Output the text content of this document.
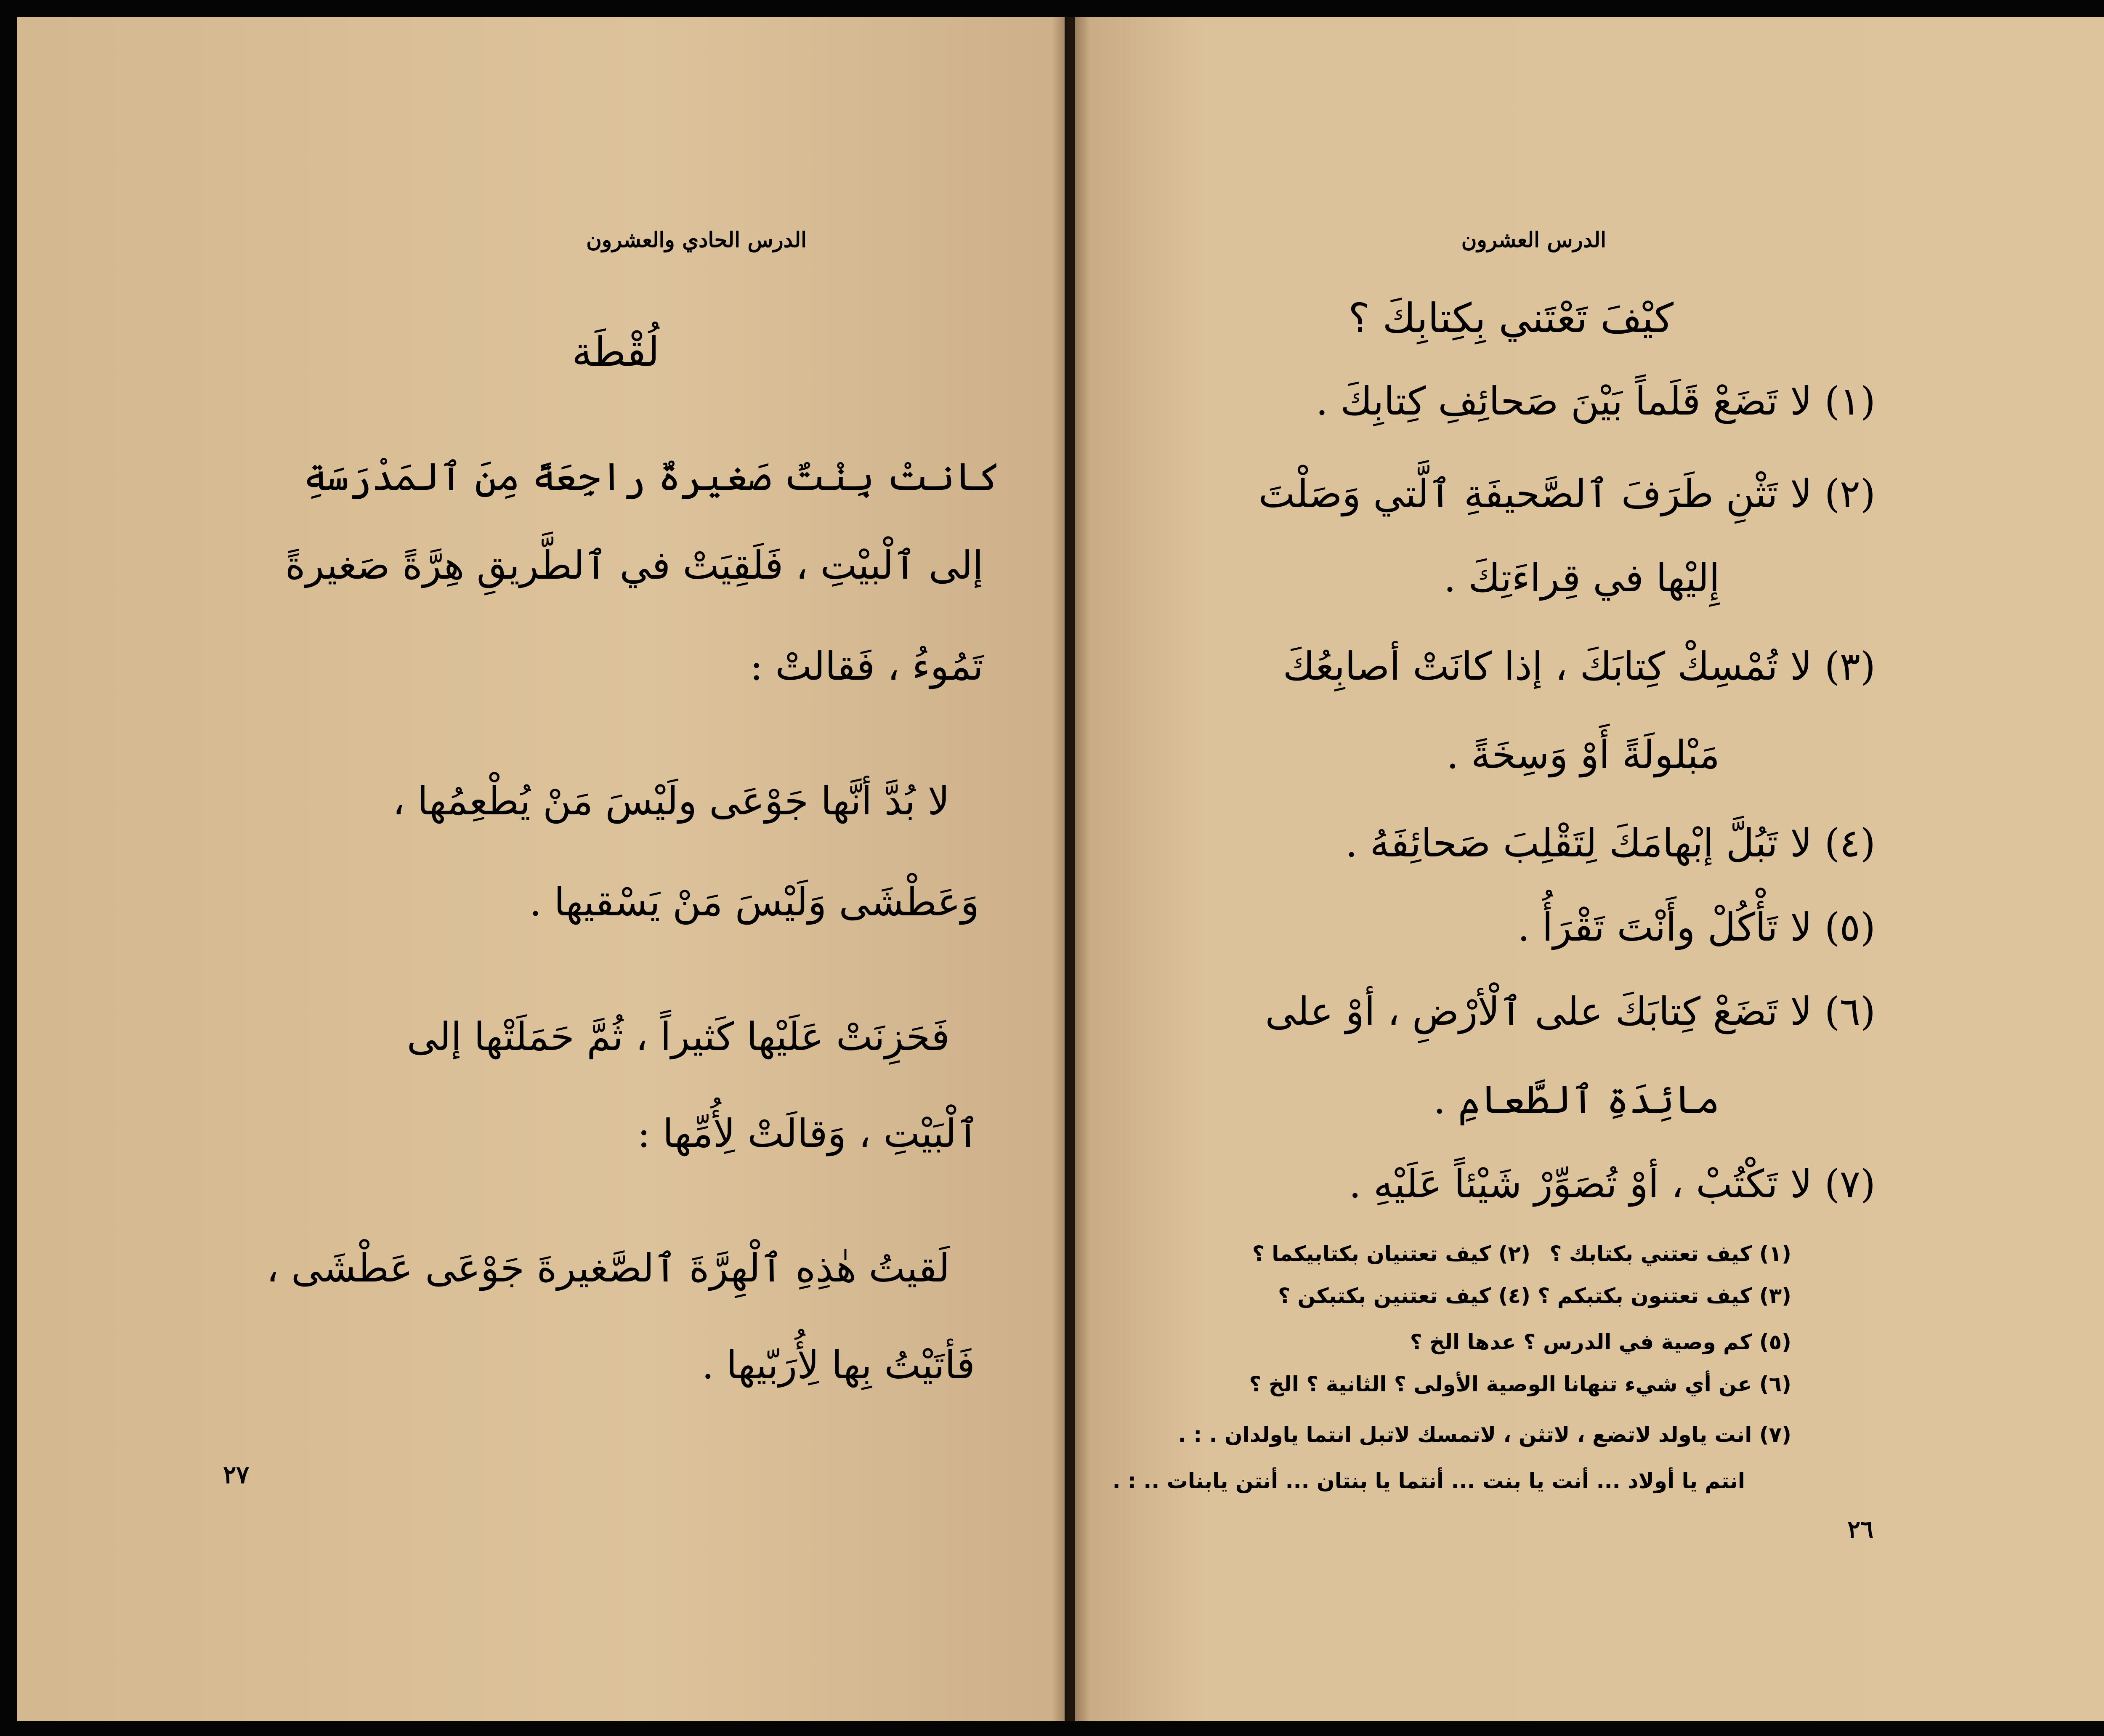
الدرس الحادي والعشرون
لُقْطَة
كانتْ بِنْتٌ صَغيرةٌ راجِعَةً مِنَ ٱلمَدْرَسَةِ
إلى ٱلْبيْتِ ، فَلَقِيَتْ في ٱلطَّريقِ هِرَّةً صَغيرةً
تَمُوءُ ، فَقالتْ :
لا بُدَّ أنَّها جَوْعَى ولَيْسَ مَنْ يُطْعِمُها ،
وَعَطْشَى وَلَيْسَ مَنْ يَسْقيها .
فَحَزِنَتْ عَلَيْها كَثيراً ، ثُمَّ حَمَلَتْها إلى
ٱلْبَيْتِ ، وَقالَتْ لِأُمِّها :
لَقيتُ هٰذِهِ ٱلْهِرَّةَ ٱلصَّغيرةَ جَوْعَى عَطْشَى ،
فَأتَيْتُ بِها لِأُرَبّيها .
٢٧
الدرس العشرون
كيْفَ تَعْتَني بِكِتابِكَ ؟
(١) لا تَضَعْ قَلَماً بَيْنَ صَحائِفِ كِتابِكَ .
(٢) لا تَثْنِ طَرَفَ ٱلصَّحيفَةِ ٱلَّتي وَصَلْتَ
إِليْها في قِراءَتِكَ .
(٣) لا تُمْسِكْ كِتابَكَ ، إذا كانَتْ أصابِعُكَ
مَبْلولَةً أَوْ وَسِخَةً .
(٤) لا تَبُلَّ إبْهامَكَ لِتَقْلِبَ صَحائِفَهُ .
(٥) لا تَأْكُلْ وأَنْتَ تَقْرَأُ .
(٦) لا تَضَعْ كِتابَكَ على ٱلْأرْضِ ، أوْ على
مائِدَةِ ٱلطَّعامِ .
(٧) لا تَكْتُبْ ، أوْ تُصَوِّرْ شَيْئاً عَلَيْهِ .
(١) كيف تعتني بكتابك ؟
(٢) كيف تعتنيان بكتابيكما ؟
(٣) كيف تعتنون بكتبكم ؟
(٤) كيف تعتنين بكتبكن ؟
(٥) كم وصية في الدرس ؟ عدها الخ ؟
(٦) عن أي شيء تنهانا الوصية الأولى ؟ الثانية ؟ الخ ؟
(٧) انت ياولد لاتضع ، لاتثن ، لاتمسك لاتبل انتما ياولدان . : .
انتم يا أولاد ... أنت يا بنت ... أنتما يا بنتان ... أنتن يابنات .. : .
٢٦
